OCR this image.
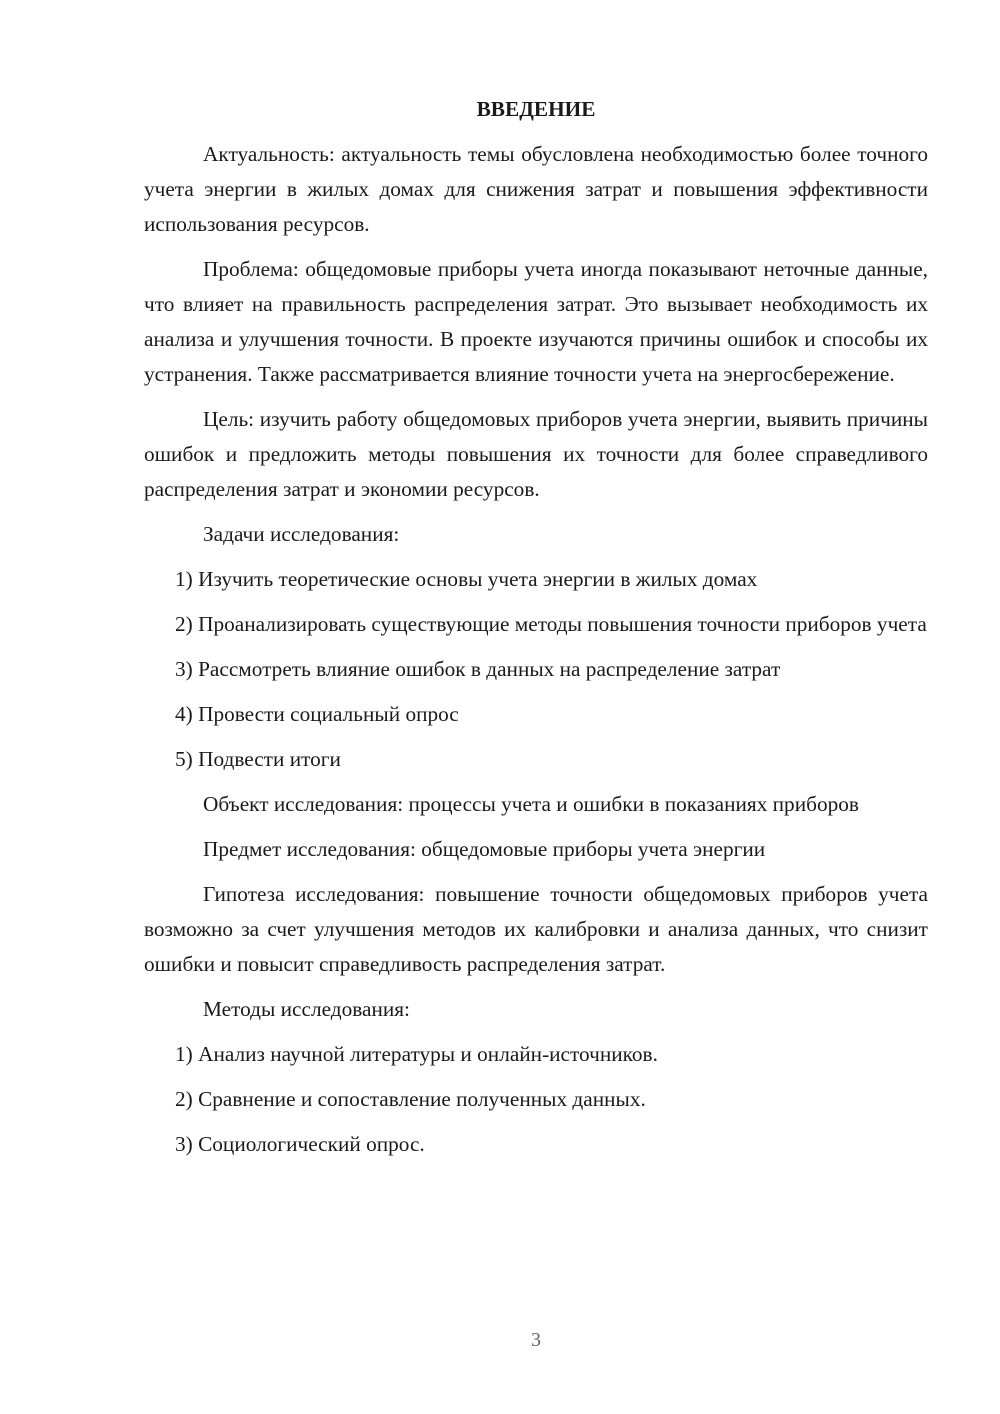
ВВЕДЕНИЕ

Актуальность: актуальность темы обусловлена необходимостью более точного учета энергии в жилых домах для снижения затрат и повышения эффективности использования ресурсов.

Проблема: общедомовые приборы учета иногда показывают неточные данные, что влияет на правильность распределения затрат. Это вызывает необходимость их анализа и улучшения точности. В проекте изучаются причины ошибок и способы их устранения. Также рассматривается влияние точности учета на энергосбережение.

Цель: изучить работу общедомовых приборов учета энергии, выявить причины ошибок и предложить методы повышения их точности для более справедливого распределения затрат и экономии ресурсов.

Задачи исследования:

1) Изучить теоретические основы учета энергии в жилых домах

2) Проанализировать существующие методы повышения точности приборов учета

3) Рассмотреть влияние ошибок в данных на распределение затрат

4) Провести социальный опрос

5) Подвести итоги

Объект исследования: процессы учета и ошибки в показаниях приборов

Предмет исследования: общедомовые приборы учета энергии

Гипотеза исследования: повышение точности общедомовых приборов учета возможно за счет улучшения методов их калибровки и анализа данных, что снизит ошибки и повысит справедливость распределения затрат.

Методы исследования:

1) Анализ научной литературы и онлайн-источников.

2) Сравнение и сопоставление полученных данных.

3) Социологический опрос.

3
